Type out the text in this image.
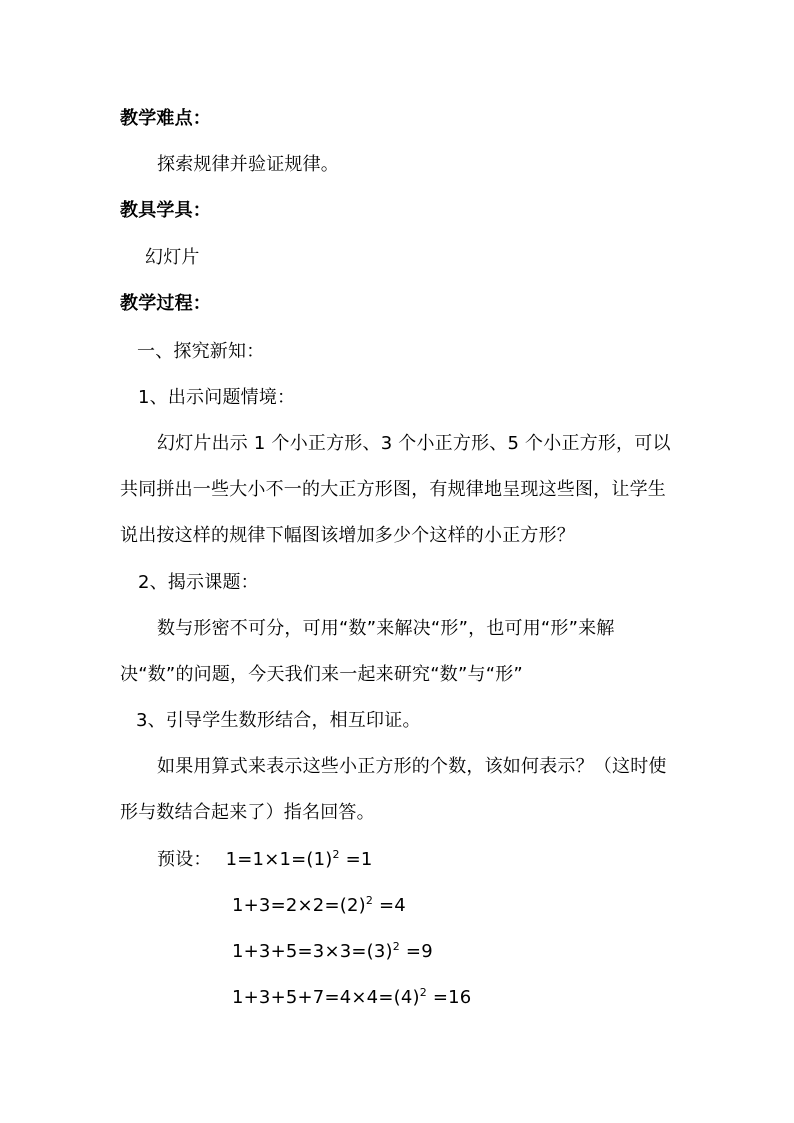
教学难点：
探索规律并验证规律。
教具学具：
幻灯片
教学过程：
一、探究新知：
1、出示问题情境：
幻灯片出示 1 个小正方形、3 个小正方形、5 个小正方形，可以
共同拼出一些大小不一的大正方形图，有规律地呈现这些图，让学生
说出按这样的规律下幅图该增加多少个这样的小正方形？
2、揭示课题：
数与形密不可分，可用“数”来解决“形”，也可用“形”来解
决“数”的问题，今天我们来一起来研究“数”与“形”
3、引导学生数形结合，相互印证。
如果用算式来表示这些小正方形的个数，该如何表示？（这时使
形与数结合起来了）指名回答。
预设： $1=1\times 1=(1)^2 =1$
$1+3=2\times 2=(2)^2 =4$
$1+3+5=3\times 3=(3)^2 =9$
$1+3+5+7=4\times 4=(4)^2 =16$
